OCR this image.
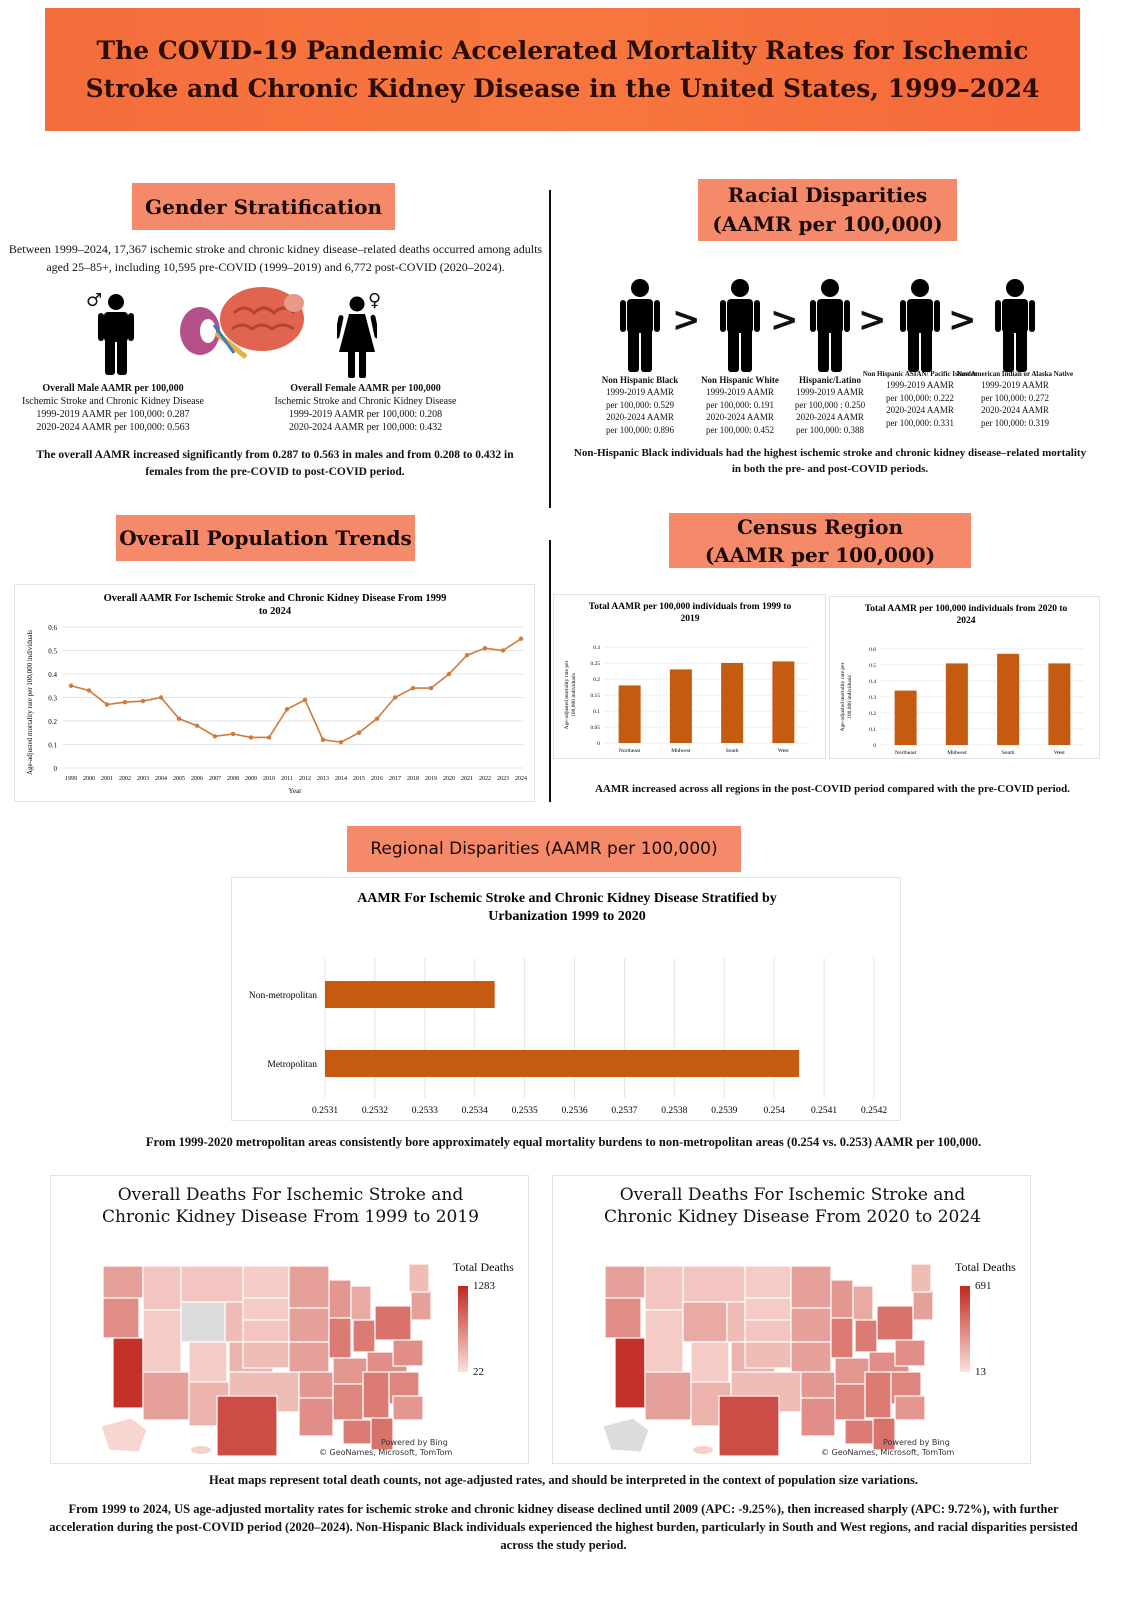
The COVID-19 Pandemic Accelerated Mortality Rates for Ischemic Stroke and Chronic Kidney Disease in the United States, 1999–2024
Gender Stratification
Between 1999–2024, 17,367 ischemic stroke and chronic kidney disease–related deaths occurred among adults aged 25–85+, including 10,595 pre-COVID (1999–2019) and 6,772 post-COVID (2020–2024).
♂	♀
Overall Male AAMR per 100,000
Ischemic Stroke and Chronic Kidney Disease
1999-2019 AAMR per 100,000: 0.287
2020-2024 AAMR per 100,000: 0.563
Overall Female AAMR per 100,000
Ischemic Stroke and Chronic Kidney Disease
1999-2019 AAMR per 100,000: 0.208
2020-2024 AAMR per 100,000: 0.432
The overall AAMR increased significantly from 0.287 to 0.563 in males and from 0.208 to 0.432 in females from the pre-COVID to post-COVID period.
Racial Disparities
(AAMR per 100,000)
Non Hispanic Black
1999-2019 AAMR
per 100,000: 0.529
2020-2024 AAMR
per 100,000: 0.896
Non Hispanic White
1999-2019 AAMR
per 100,000: 0.191
2020-2024 AAMR
per 100,000: 0.452
Hispanic/Latino
1999-2019 AAMR
per 100,000 : 0.250
2020-2024 AAMR
per 100,000: 0.388
Non Hispanic ASIAN/ Pacific Islander
1999-2019 AAMR
per 100,000: 0.222
2020-2024 AAMR
per 100,000: 0.331
Non American Indian or Alaska Native
1999-2019 AAMR
per 100,000: 0.272
2020-2024 AAMR
per 100,000: 0.319
> > > >
Non-Hispanic Black individuals had the highest ischemic stroke and chronic kidney disease–related mortality in both the pre- and post-COVID periods.
Overall Population Trends
Overall AAMR For Ischemic Stroke and Chronic Kidney Disease From 1999 to 2024
0
0.1
0.2
0.3
0.4
0.5
0.6
1999 2000 2001 2002 2003 2004 2005 2006 2007 2008 2009 2010 2011 2012 2013 2014 2015 2016 2017 2018 2019 2020 2021 2022 2023 2024
Year
Age-adjusted mortality rate per 100,000 individuals
Census Region
(AAMR per 100,000)
Total AAMR per 100,000 individuals from 1999 to 2019
0
0.05
0.1
0.15
0.2
0.25
0.3
Northeast	Midwest	South	West
Age-adjusted mortality rate per100,000 individuals
Total AAMR per 100,000 individuals from 2020 to 2024
0
0.1
0.2
0.3
0.4
0.5
0.6
Northeast	Midwest	South	West
Age-adjusted mortality rate per100,000 individuals
AAMR increased across all regions in the post-COVID period compared with the pre-COVID period.
Regional Disparities (AAMR per 100,000)
AAMR For Ischemic Stroke and Chronic Kidney Disease Stratified by Urbanization 1999 to 2020
0.2531	0.2532	0.2533	0.2534	0.2535	0.2536	0.2537	0.2538	0.2539	0.254	0.2541	0.2542
Non-metropolitan
Metropolitan
From 1999-2020 metropolitan areas consistently bore approximately equal mortality burdens to non-metropolitan areas (0.254 vs. 0.253) AAMR per 100,000.
Overall Deaths For Ischemic Stroke and Chronic Kidney Disease From 1999 to 2019
Total Deaths
1283
22
Powered by Bing
© GeoNames, Microsoft, TomTom
Overall Deaths For Ischemic Stroke and Chronic Kidney Disease From 2020 to 2024
Total Deaths
691
13
Powered by Bing
© GeoNames, Microsoft, TomTom
Heat maps represent total death counts, not age-adjusted rates, and should be interpreted in the context of population size variations.
From 1999 to 2024, US age-adjusted mortality rates for ischemic stroke and chronic kidney disease declined until 2009 (APC: -9.25%), then increased sharply (APC: 9.72%), with further acceleration during the post-COVID period (2020–2024). Non-Hispanic Black individuals experienced the highest burden, particularly in South and West regions, and racial disparities persisted across the study period.
